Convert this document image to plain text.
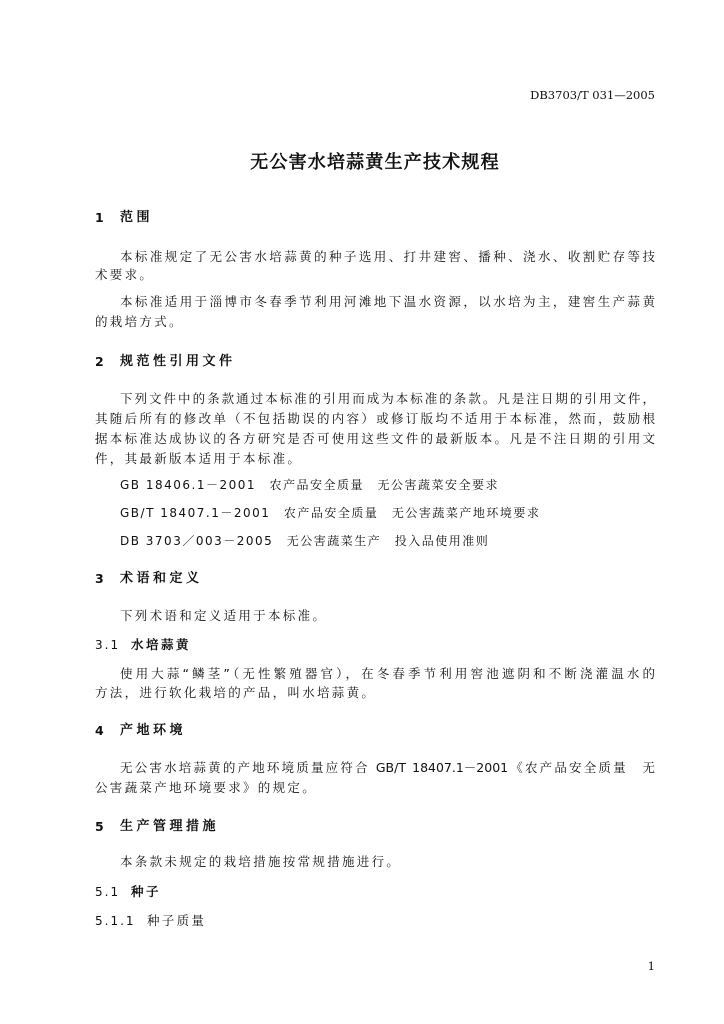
DB3703/T 031—2005
无公害水培蒜黄生产技术规程
1 范围
本标准规定了无公害水培蒜黄的种子选用、打井建窖、播种、浇水、收割贮存等技
术要求。
本标准适用于淄博市冬春季节利用河滩地下温水资源，以水培为主，建窖生产蒜黄
的栽培方式。
2 规范性引用文件
下列文件中的条款通过本标准的引用而成为本标准的条款。凡是注日期的引用文件，
其随后所有的修改单（不包括勘误的内容）或修订版均不适用于本标准，然而，鼓励根
据本标准达成协议的各方研究是否可使用这些文件的最新版本。凡是不注日期的引用文
件，其最新版本适用于本标准。
GB 18406.1－2001　农产品安全质量　无公害蔬菜安全要求
GB/T 18407.1－2001　农产品安全质量　无公害蔬菜产地环境要求
DB 3703／003－2005　无公害蔬菜生产　投入品使用准则
3 术语和定义
下列术语和定义适用于本标准。
3.1 水培蒜黄
使用大蒜“鳞茎”（无性繁殖器官），在冬春季节利用窖池遮阴和不断浇灌温水的
方法，进行软化栽培的产品，叫水培蒜黄。
4 产地环境
无公害水培蒜黄的产地环境质量应符合 GB/T 18407.1－2001《农产品安全质量　无
公害蔬菜产地环境要求》的规定。
5 生产管理措施
本条款未规定的栽培措施按常规措施进行。
5.1 种子
5.1.1 种子质量
1
